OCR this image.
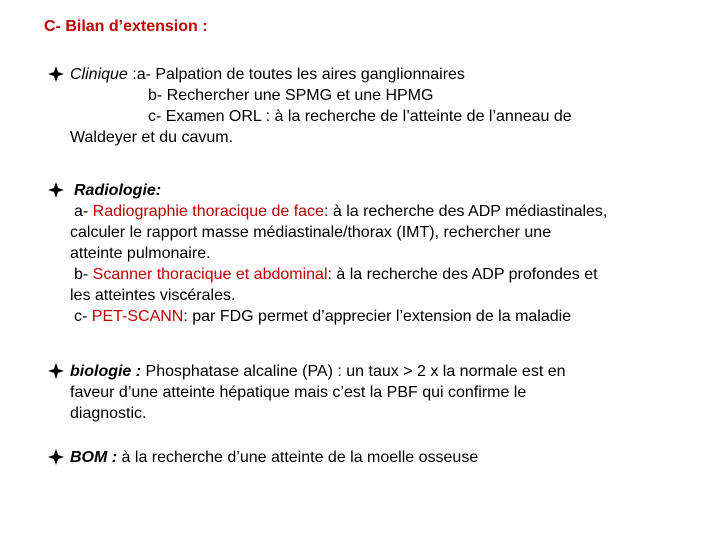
C- Bilan d’extension :
Clinique :a- Palpation de toutes les aires ganglionnaires
b- Rechercher une SPMG et une HPMG
c- Examen ORL : à la recherche de l’atteinte de l’anneau de
Waldeyer et du cavum.
Radiologie:
a- Radiographie thoracique de face: à la recherche des ADP médiastinales,
calculer le rapport masse médiastinale/thorax (IMT), rechercher une
atteinte pulmonaire.
b- Scanner thoracique et abdominal: à la recherche des ADP profondes et
les atteintes viscérales.
c- PET-SCANN: par FDG permet d’apprecier l’extension de la maladie
biologie : Phosphatase alcaline (PA) : un taux > 2 x la normale est en
faveur d’une atteinte hépatique mais c’est la PBF qui confirme le
diagnostic.
BOM : à la recherche d’une atteinte de la moelle osseuse
